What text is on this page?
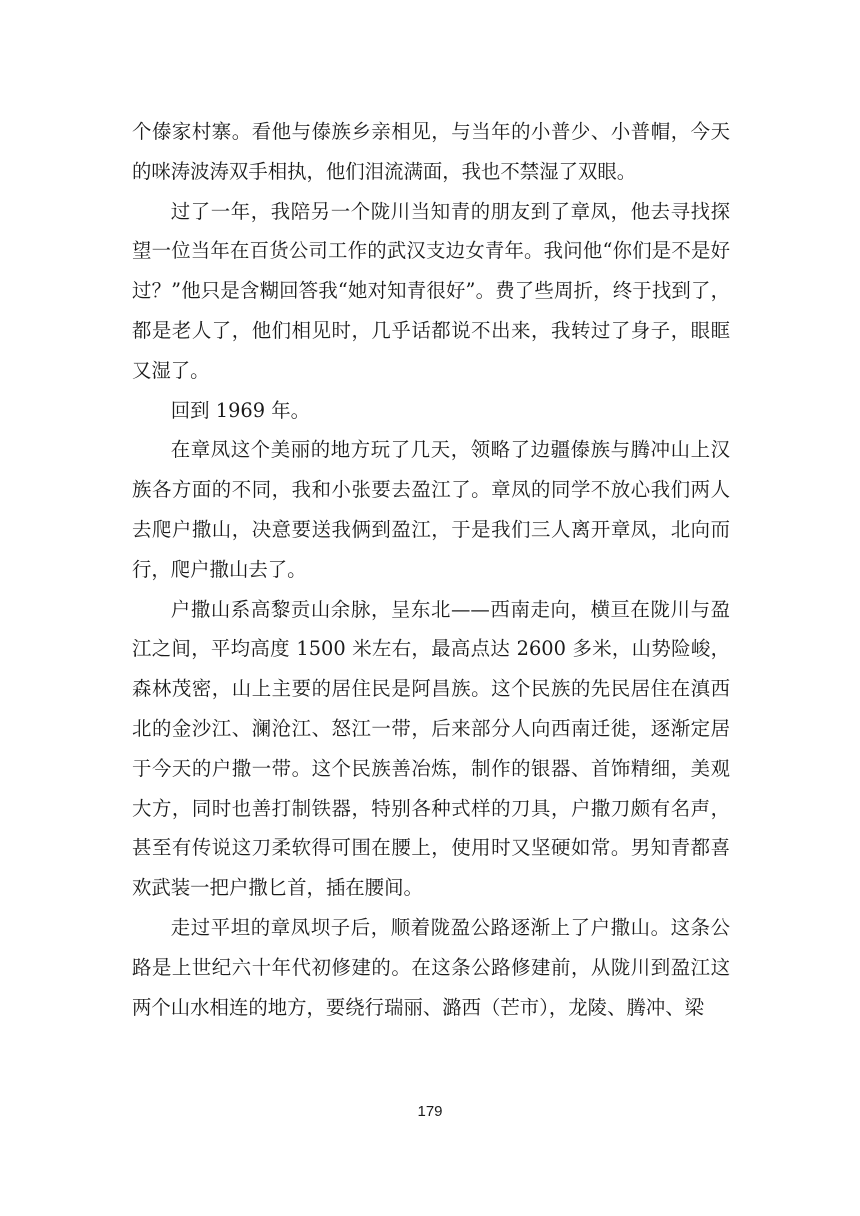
个傣家村寨。看他与傣族乡亲相见，与当年的小普少、小普帽，今天的咪涛波涛双手相执，他们泪流满面，我也不禁湿了双眼。

过了一年，我陪另一个陇川当知青的朋友到了章凤，他去寻找探望一位当年在百货公司工作的武汉支边女青年。我问他“你们是不是好过？”他只是含糊回答我“她对知青很好”。费了些周折，终于找到了，都是老人了，他们相见时，几乎话都说不出来，我转过了身子，眼眶又湿了。

回到 1969 年。

在章凤这个美丽的地方玩了几天，领略了边疆傣族与腾冲山上汉族各方面的不同，我和小张要去盈江了。章凤的同学不放心我们两人去爬户撒山，决意要送我俩到盈江，于是我们三人离开章凤，北向而行，爬户撒山去了。

户撒山系高黎贡山余脉，呈东北——西南走向，横亘在陇川与盈江之间，平均高度 1500 米左右，最高点达 2600 多米，山势险峻，森林茂密，山上主要的居住民是阿昌族。这个民族的先民居住在滇西北的金沙江、澜沧江、怒江一带，后来部分人向西南迁徙，逐渐定居于今天的户撒一带。这个民族善冶炼，制作的银器、首饰精细，美观大方，同时也善打制铁器，特别各种式样的刀具，户撒刀颇有名声，甚至有传说这刀柔软得可围在腰上，使用时又坚硬如常。男知青都喜欢武装一把户撒匕首，插在腰间。

走过平坦的章凤坝子后，顺着陇盈公路逐渐上了户撒山。这条公路是上世纪六十年代初修建的。在这条公路修建前，从陇川到盈江这两个山水相连的地方，要绕行瑞丽、潞西（芒市），龙陵、腾冲、梁

179
